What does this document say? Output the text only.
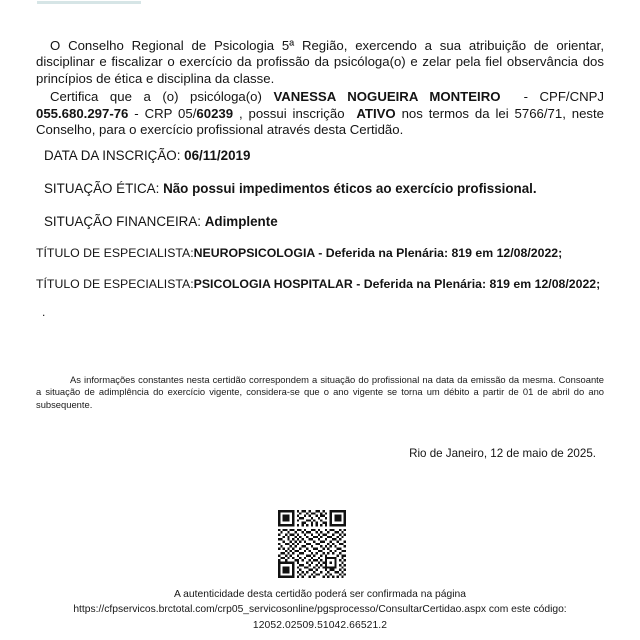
O Conselho Regional de Psicologia 5ª Região, exercendo a sua atribuição de orientar, disciplinar e fiscalizar o exercício da profissão da psicóloga(o) e zelar pela fiel observância dos princípios de ética e disciplina da classe.

Certifica que a (o) psicóloga(o) VANESSA NOGUEIRA MONTEIRO - CPF/CNPJ 055.680.297-76 - CRP 05/60239 , possui inscrição ATIVO nos termos da lei 5766/71, neste Conselho, para o exercício profissional através desta Certidão.

DATA DA INSCRIÇÃO: 06/11/2019
SITUAÇÃO ÉTICA: Não possui impedimentos éticos ao exercício profissional.
SITUAÇÃO FINANCEIRA: Adimplente
TÍTULO DE ESPECIALISTA:NEUROPSICOLOGIA - Deferida na Plenária: 819 em 12/08/2022;
TÍTULO DE ESPECIALISTA:PSICOLOGIA HOSPITALAR - Deferida na Plenária: 819 em 12/08/2022;
.
As informações constantes nesta certidão correspondem a situação do profissional na data da emissão da mesma. Consoante a situação de adimplência do exercício vigente, considera-se que o ano vigente se torna um débito a partir de 01 de abril do ano subsequente.
Rio de Janeiro, 12 de maio de 2025.
A autenticidade desta certidão poderá ser confirmada na página
https://cfpservicos.brctotal.com/crp05_servicosonline/pgsprocesso/ConsultarCertidao.aspx com este código:
12052.02509.51042.66521.2
